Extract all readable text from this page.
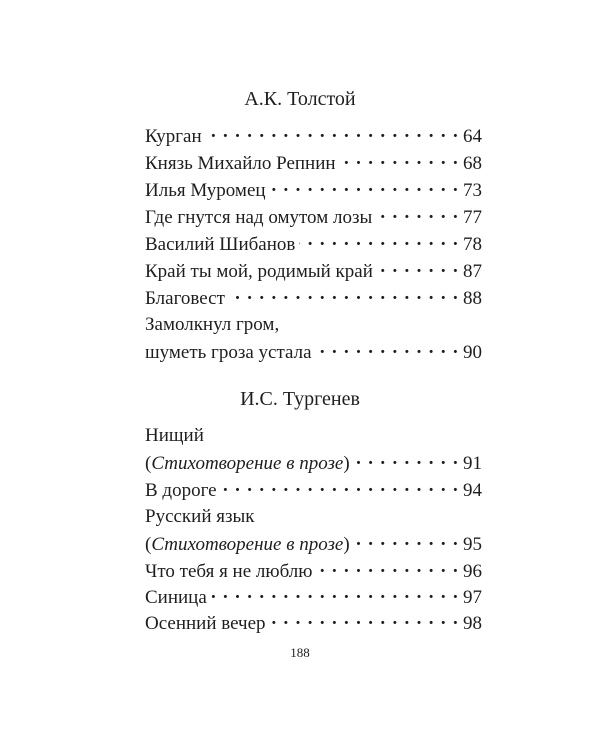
А.К. Толстой
Курган . . .	64
Князь Михайло Репнин . . .	68
Илья Муромец . . .	73
Где гнутся над омутом лозы . . .	77
Василий Шибанов . . .	78
Край ты мой, родимый край . . .	87
Благовест . . .	88
Замолкнул гром,
шуметь гроза устала . . .	90
И.С. Тургенев
Нищий
(Стихотворение в прозе) . . .	91
В дороге . . .	94
Русский язык
(Стихотворение в прозе) . . .	95
Что тебя я не люблю . . .	96
Синица . . .	97
Осенний вечер . . .	98
188
